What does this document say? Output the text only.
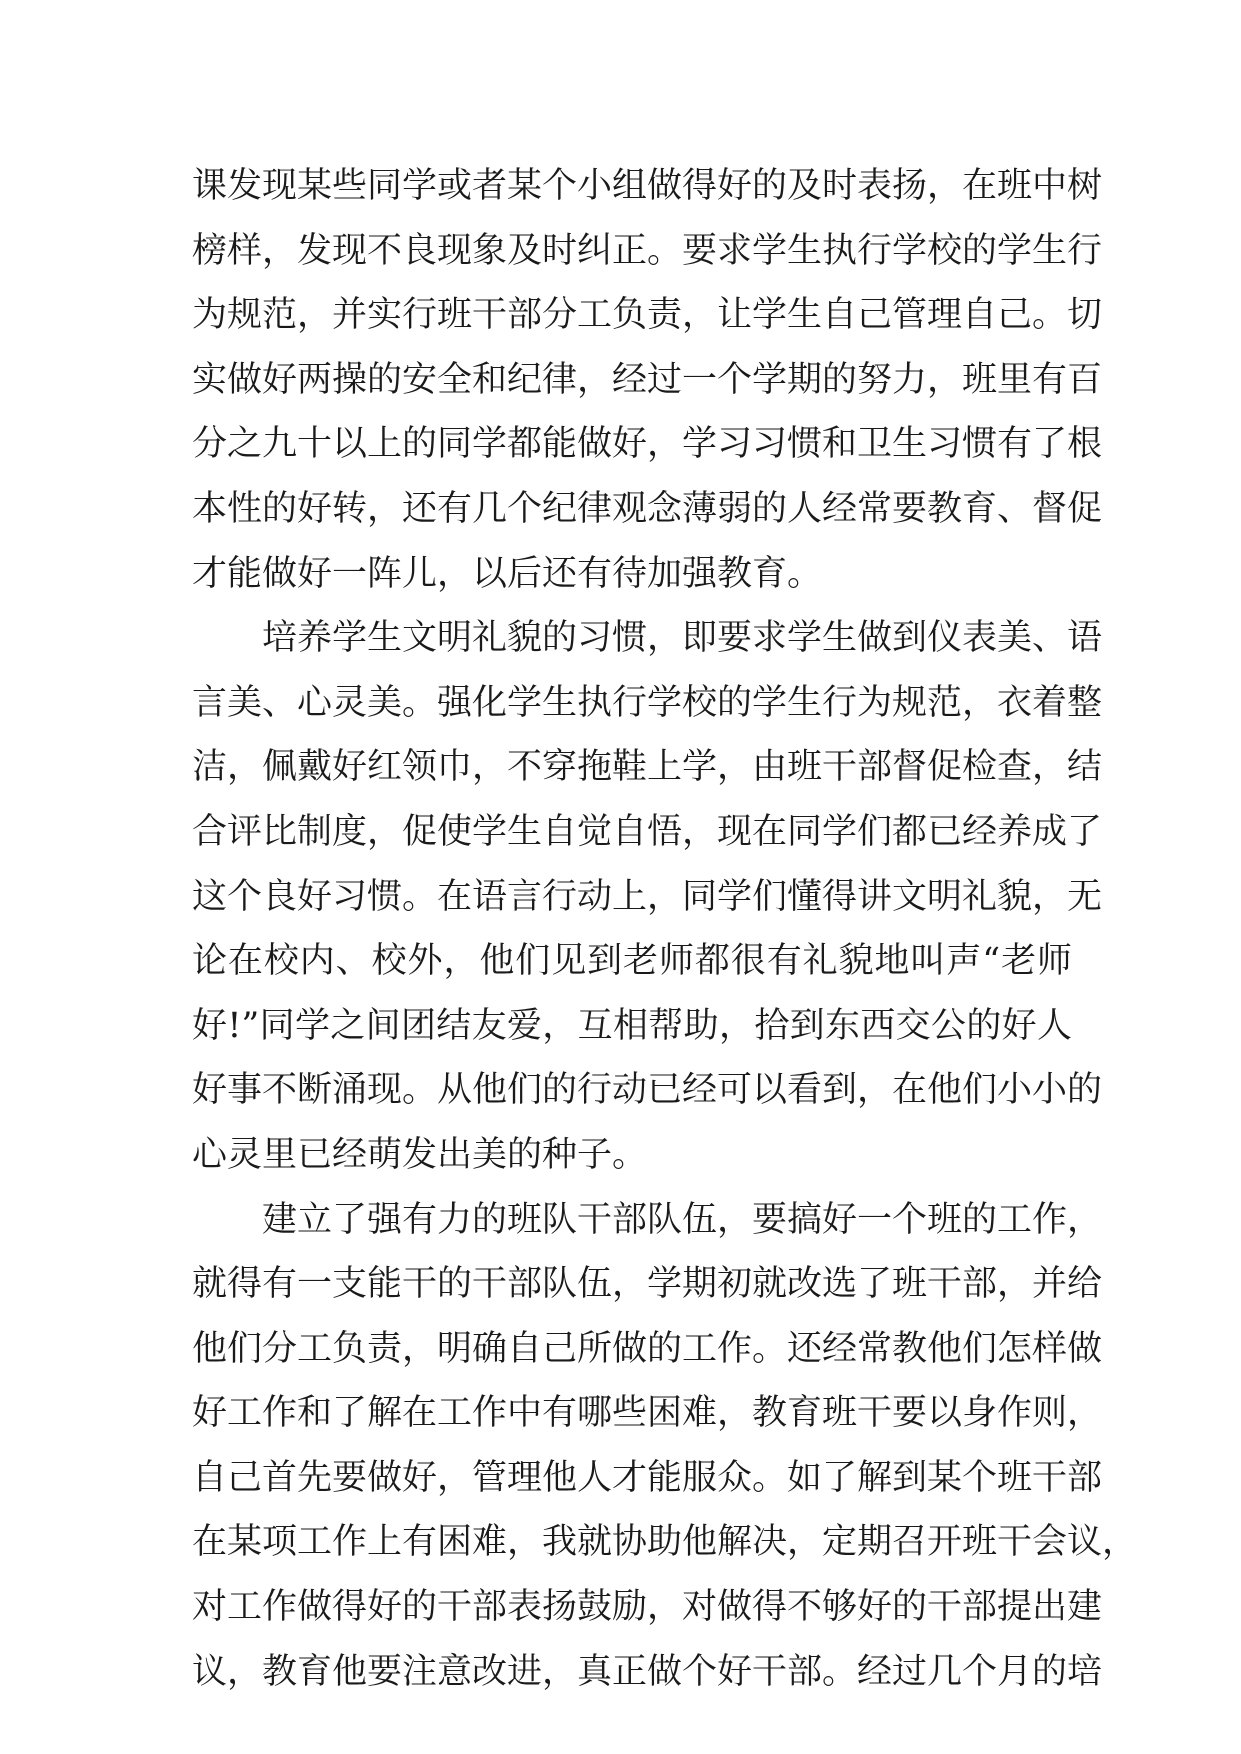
课发现某些同学或者某个小组做得好的及时表扬，在班中树
榜样，发现不良现象及时纠正。要求学生执行学校的学生行
为规范，并实行班干部分工负责，让学生自己管理自己。切
实做好两操的安全和纪律，经过一个学期的努力，班里有百
分之九十以上的同学都能做好，学习习惯和卫生习惯有了根
本性的好转，还有几个纪律观念薄弱的人经常要教育、督促
才能做好一阵儿，以后还有待加强教育。
培养学生文明礼貌的习惯，即要求学生做到仪表美、语
言美、心灵美。强化学生执行学校的学生行为规范，衣着整
洁，佩戴好红领巾，不穿拖鞋上学，由班干部督促检查，结
合评比制度，促使学生自觉自悟，现在同学们都已经养成了
这个良好习惯。在语言行动上，同学们懂得讲文明礼貌，无
论在校内、校外，他们见到老师都很有礼貌地叫声“老师
好!”同学之间团结友爱，互相帮助，拾到东西交公的好人
好事不断涌现。从他们的行动已经可以看到，在他们小小的
心灵里已经萌发出美的种子。
建立了强有力的班队干部队伍，要搞好一个班的工作，
就得有一支能干的干部队伍，学期初就改选了班干部，并给
他们分工负责，明确自己所做的工作。还经常教他们怎样做
好工作和了解在工作中有哪些困难，教育班干要以身作则，
自己首先要做好，管理他人才能服众。如了解到某个班干部
在某项工作上有困难，我就协助他解决，定期召开班干会议，
对工作做得好的干部表扬鼓励，对做得不够好的干部提出建
议，教育他要注意改进，真正做个好干部。经过几个月的培
